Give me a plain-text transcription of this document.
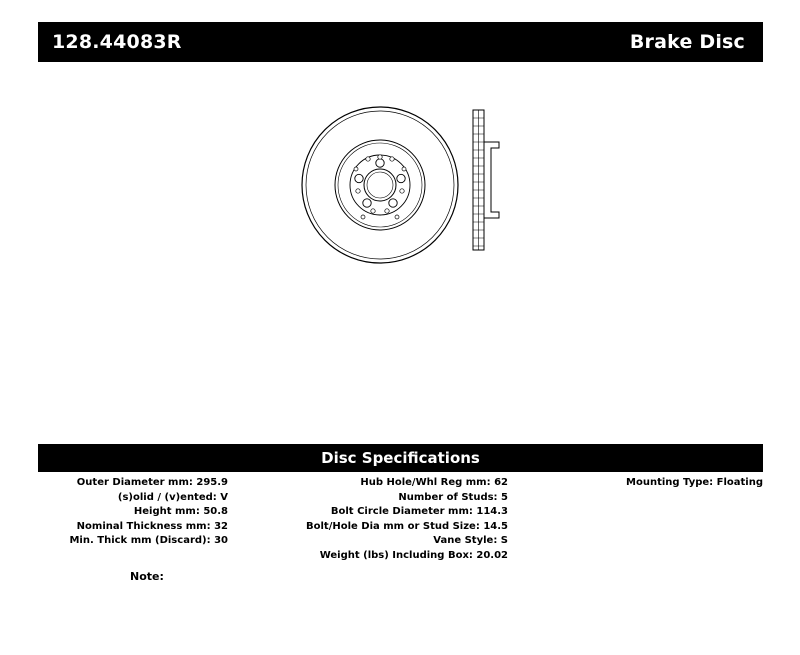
128.44083R	Brake Disc
Disc Specifications
Outer Diameter mm: 295.9
(s)olid / (v)ented: V
Height mm: 50.8
Nominal Thickness mm: 32
Min. Thick mm (Discard): 30
Hub Hole/Whl Reg mm: 62
Number of Studs: 5
Bolt Circle Diameter mm: 114.3
Bolt/Hole Dia mm or Stud Size: 14.5
Vane Style: S
Weight (lbs) Including Box: 20.02
Mounting Type: Floating
Note:
